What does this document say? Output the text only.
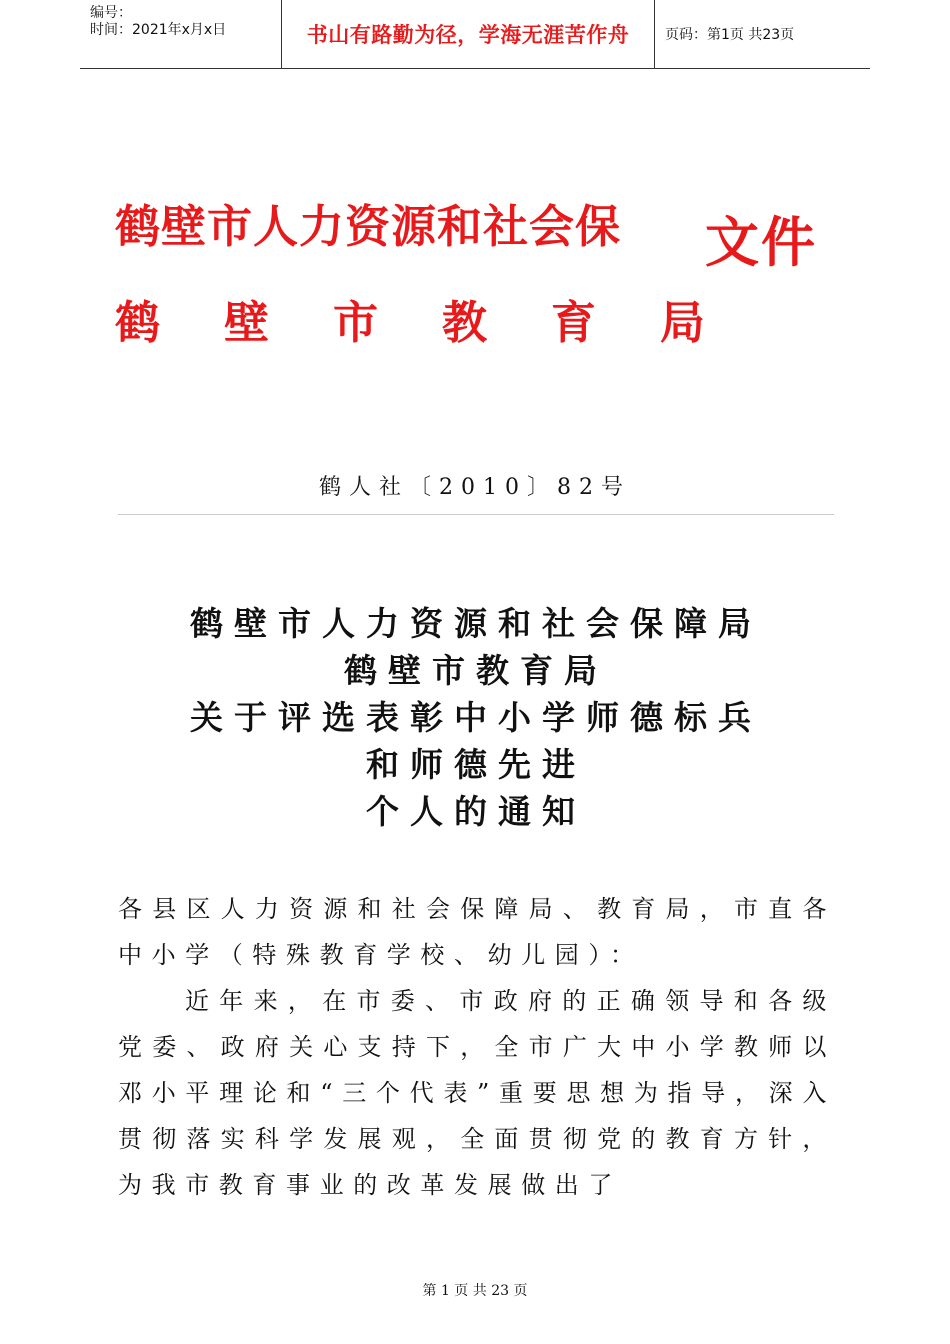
编号：
时间：2021年x月x日	书山有路勤为径，学海无涯苦作舟	页码：第1页 共23页
鹤壁市人力资源和社会保
鹤 壁 市 教 育 局
文件
鹤人社〔2010〕82号
鹤壁市人力资源和社会保障局
鹤壁市教育局
关于评选表彰中小学师德标兵
和师德先进
个人的通知

各县区人力资源和社会保障局、教育局，市直各中小学（特殊教育学校、幼儿园）：

近年来，在市委、市政府的正确领导和各级党委、政府关心支持下，全市广大中小学教师以邓小平理论和“三个代表”重要思想为指导，深入贯彻落实科学发展观，全面贯彻党的教育方针，为我市教育事业的改革发展做出了

第 1 页 共 23 页
